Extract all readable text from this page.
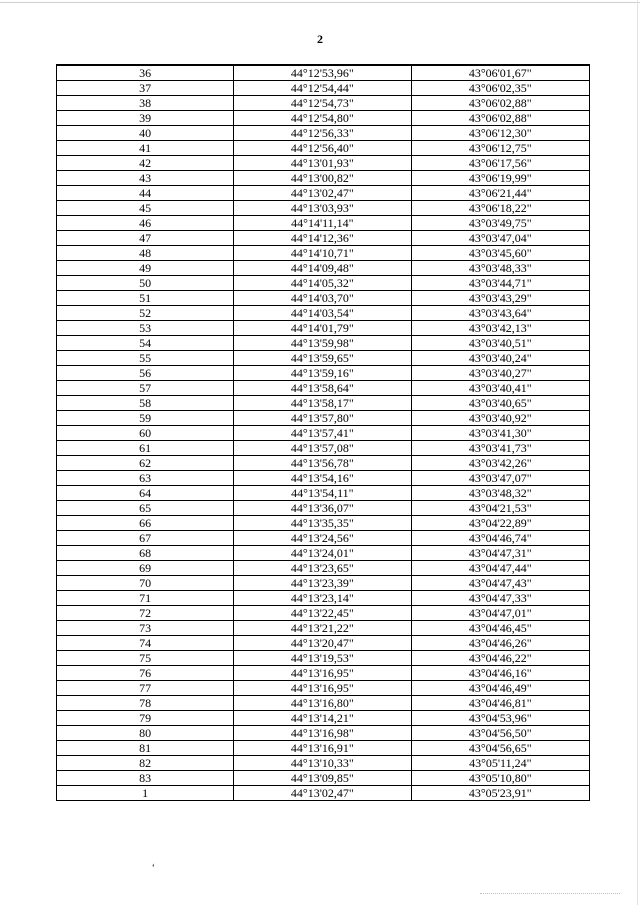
2
36	44°12'53,96"	43°06'01,67"
37	44°12'54,44"	43°06'02,35"
38	44°12'54,73"	43°06'02,88"
39	44°12'54,80"	43°06'02,88"
40	44°12'56,33"	43°06'12,30"
41	44°12'56,40"	43°06'12,75"
42	44°13'01,93"	43°06'17,56"
43	44°13'00,82"	43°06'19,99"
44	44°13'02,47"	43°06'21,44"
45	44°13'03,93"	43°06'18,22"
46	44°14'11,14"	43°03'49,75"
47	44°14'12,36"	43°03'47,04"
48	44°14'10,71"	43°03'45,60"
49	44°14'09,48"	43°03'48,33"
50	44°14'05,32"	43°03'44,71"
51	44°14'03,70"	43°03'43,29"
52	44°14'03,54"	43°03'43,64"
53	44°14'01,79"	43°03'42,13"
54	44°13'59,98"	43°03'40,51"
55	44°13'59,65"	43°03'40,24"
56	44°13'59,16"	43°03'40,27"
57	44°13'58,64"	43°03'40,41"
58	44°13'58,17"	43°03'40,65"
59	44°13'57,80"	43°03'40,92"
60	44°13'57,41"	43°03'41,30"
61	44°13'57,08"	43°03'41,73"
62	44°13'56,78"	43°03'42,26"
63	44°13'54,16"	43°03'47,07"
64	44°13'54,11"	43°03'48,32"
65	44°13'36,07"	43°04'21,53"
66	44°13'35,35"	43°04'22,89"
67	44°13'24,56"	43°04'46,74"
68	44°13'24,01"	43°04'47,31"
69	44°13'23,65"	43°04'47,44"
70	44°13'23,39"	43°04'47,43"
71	44°13'23,14"	43°04'47,33"
72	44°13'22,45"	43°04'47,01"
73	44°13'21,22"	43°04'46,45"
74	44°13'20,47"	43°04'46,26"
75	44°13'19,53"	43°04'46,22"
76	44°13'16,95"	43°04'46,16"
77	44°13'16,95"	43°04'46,49"
78	44°13'16,80"	43°04'46,81"
79	44°13'14,21"	43°04'53,96"
80	44°13'16,98"	43°04'56,50"
81	44°13'16,91"	43°04'56,65"
82	44°13'10,33"	43°05'11,24"
83	44°13'09,85"	43°05'10,80"
1	44°13'02,47"	43°05'23,91"
ʻ
